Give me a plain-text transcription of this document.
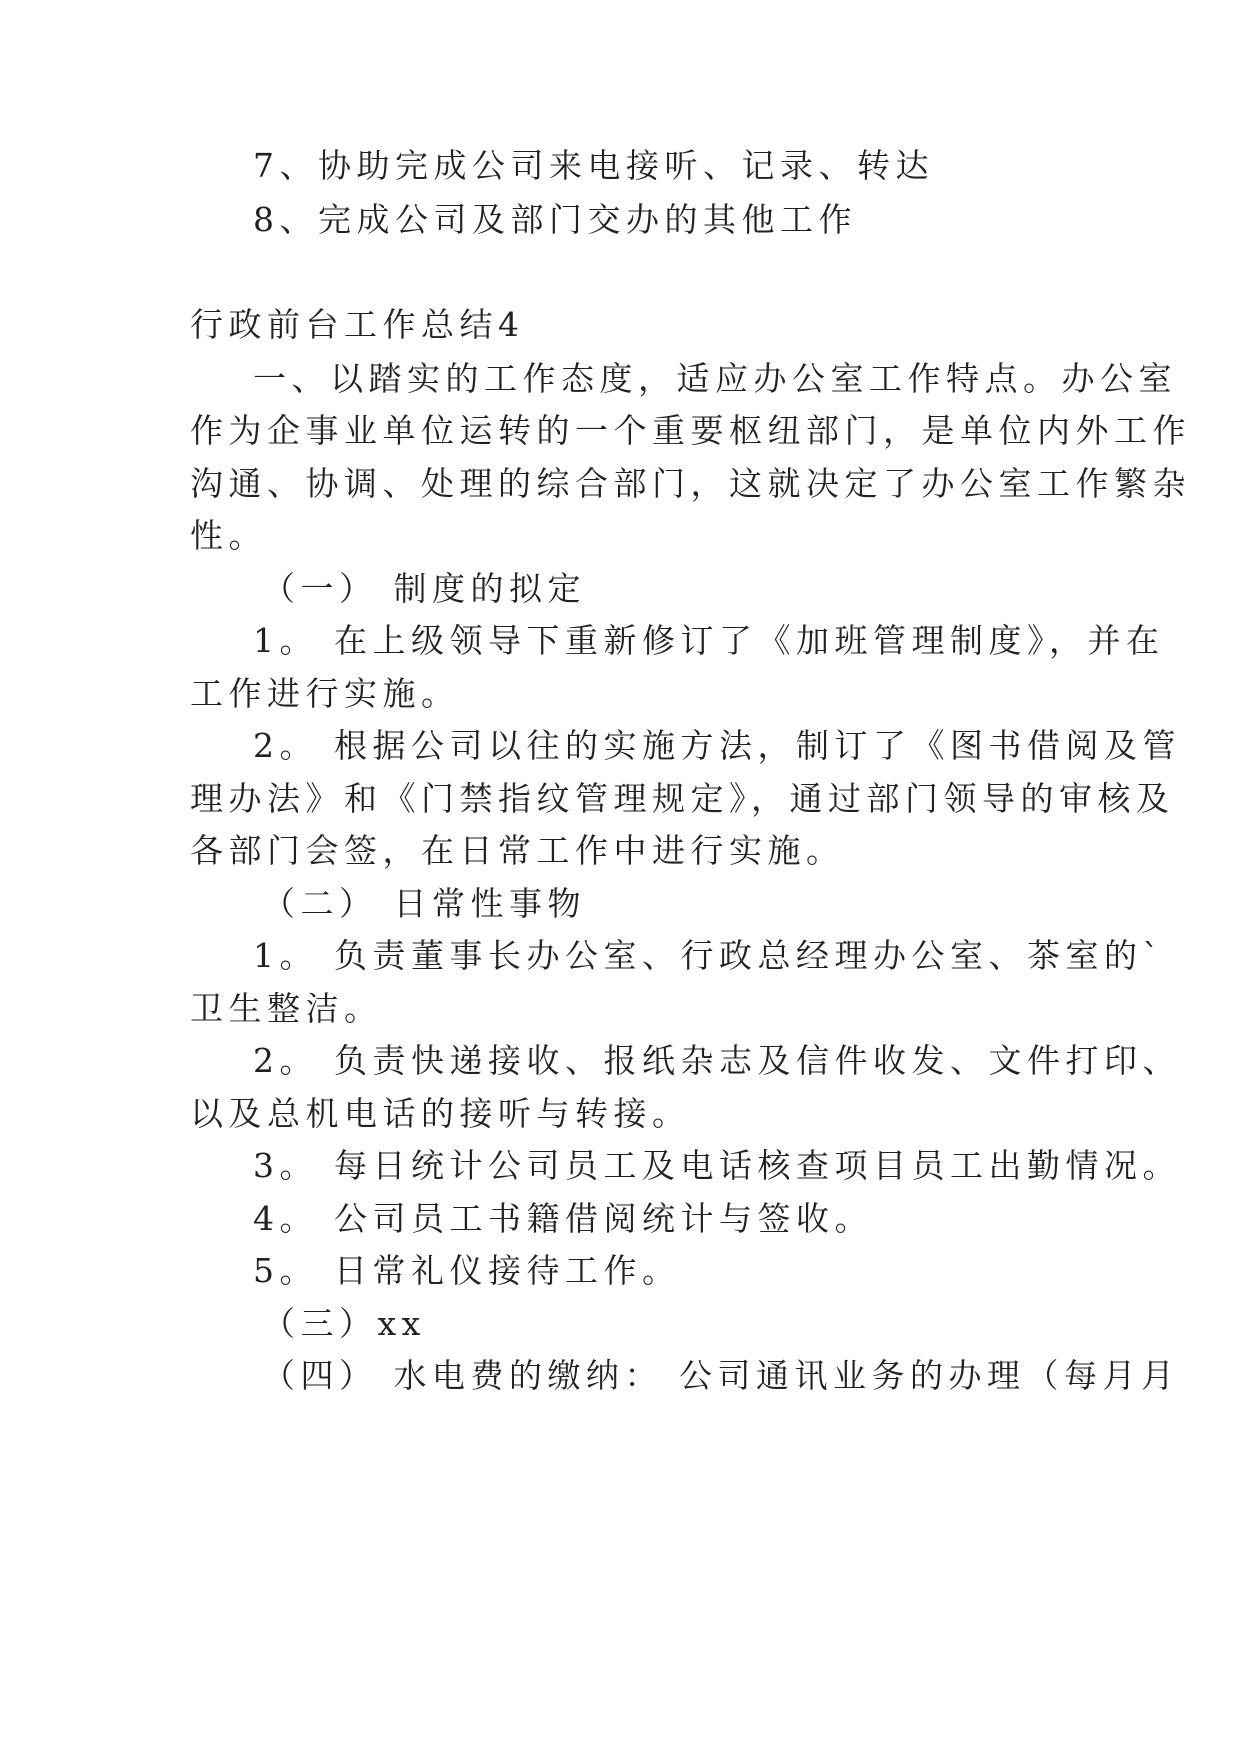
7、协助完成公司来电接听、记录、转达
8、完成公司及部门交办的其他工作
行政前台工作总结4
一、以踏实的工作态度，适应办公室工作特点。办公室
作为企事业单位运转的一个重要枢纽部门，是单位内外工作
沟通、协调、处理的综合部门，这就决定了办公室工作繁杂
性。
（一） 制度的拟定
1。 在上级领导下重新修订了《加班管理制度》，并在
工作进行实施。
2。 根据公司以往的实施方法，制订了《图书借阅及管
理办法》和《门禁指纹管理规定》，通过部门领导的审核及
各部门会签，在日常工作中进行实施。
（二） 日常性事物
1。 负责董事长办公室、行政总经理办公室、茶室的`
卫生整洁。
2。 负责快递接收、报纸杂志及信件收发、文件打印、
以及总机电话的接听与转接。
3。 每日统计公司员工及电话核查项目员工出勤情况。
4。 公司员工书籍借阅统计与签收。
5。 日常礼仪接待工作。
（三）xx
（四） 水电费的缴纳： 公司通讯业务的办理（每月月
